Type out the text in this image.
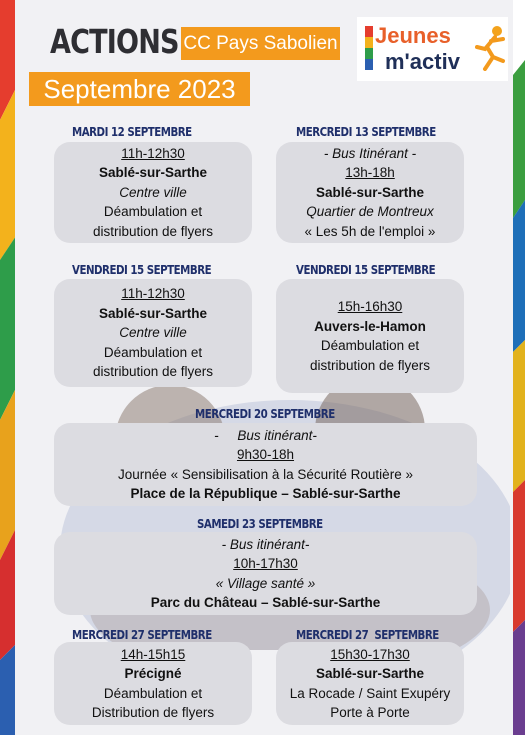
ACTIONS CC Pays Sabolien
Septembre 2023
Jeunes
m'activ
MARDI 12 SEPTEMBRE
11h-12h30
Sablé-sur-Sarthe
Centre ville
Déambulation et
distribution de flyers
MERCREDI 13 SEPTEMBRE
- Bus Itinérant -
13h-18h
Sablé-sur-Sarthe
Quartier de Montreux
« Les 5h de l'emploi »
VENDREDI 15 SEPTEMBRE
11h-12h30
Sablé-sur-Sarthe
Centre ville
Déambulation et
distribution de flyers
VENDREDI 15 SEPTEMBRE
15h-16h30
Auvers-le-Hamon
Déambulation et
distribution de flyers
MERCREDI 20 SEPTEMBRE
-     Bus itinérant-
9h30-18h
Journée « Sensibilisation à la Sécurité Routière »
Place de la République – Sablé-sur-Sarthe
SAMEDI 23 SEPTEMBRE
- Bus itinérant-
10h-17h30
« Village santé »
Parc du Château – Sablé-sur-Sarthe
MERCREDI 27 SEPTEMBRE
14h-15h15
Précigné
Déambulation et
Distribution de flyers
MERCREDI 27  SEPTEMBRE
15h30-17h30
Sablé-sur-Sarthe
La Rocade / Saint Exupéry
Porte à Porte
